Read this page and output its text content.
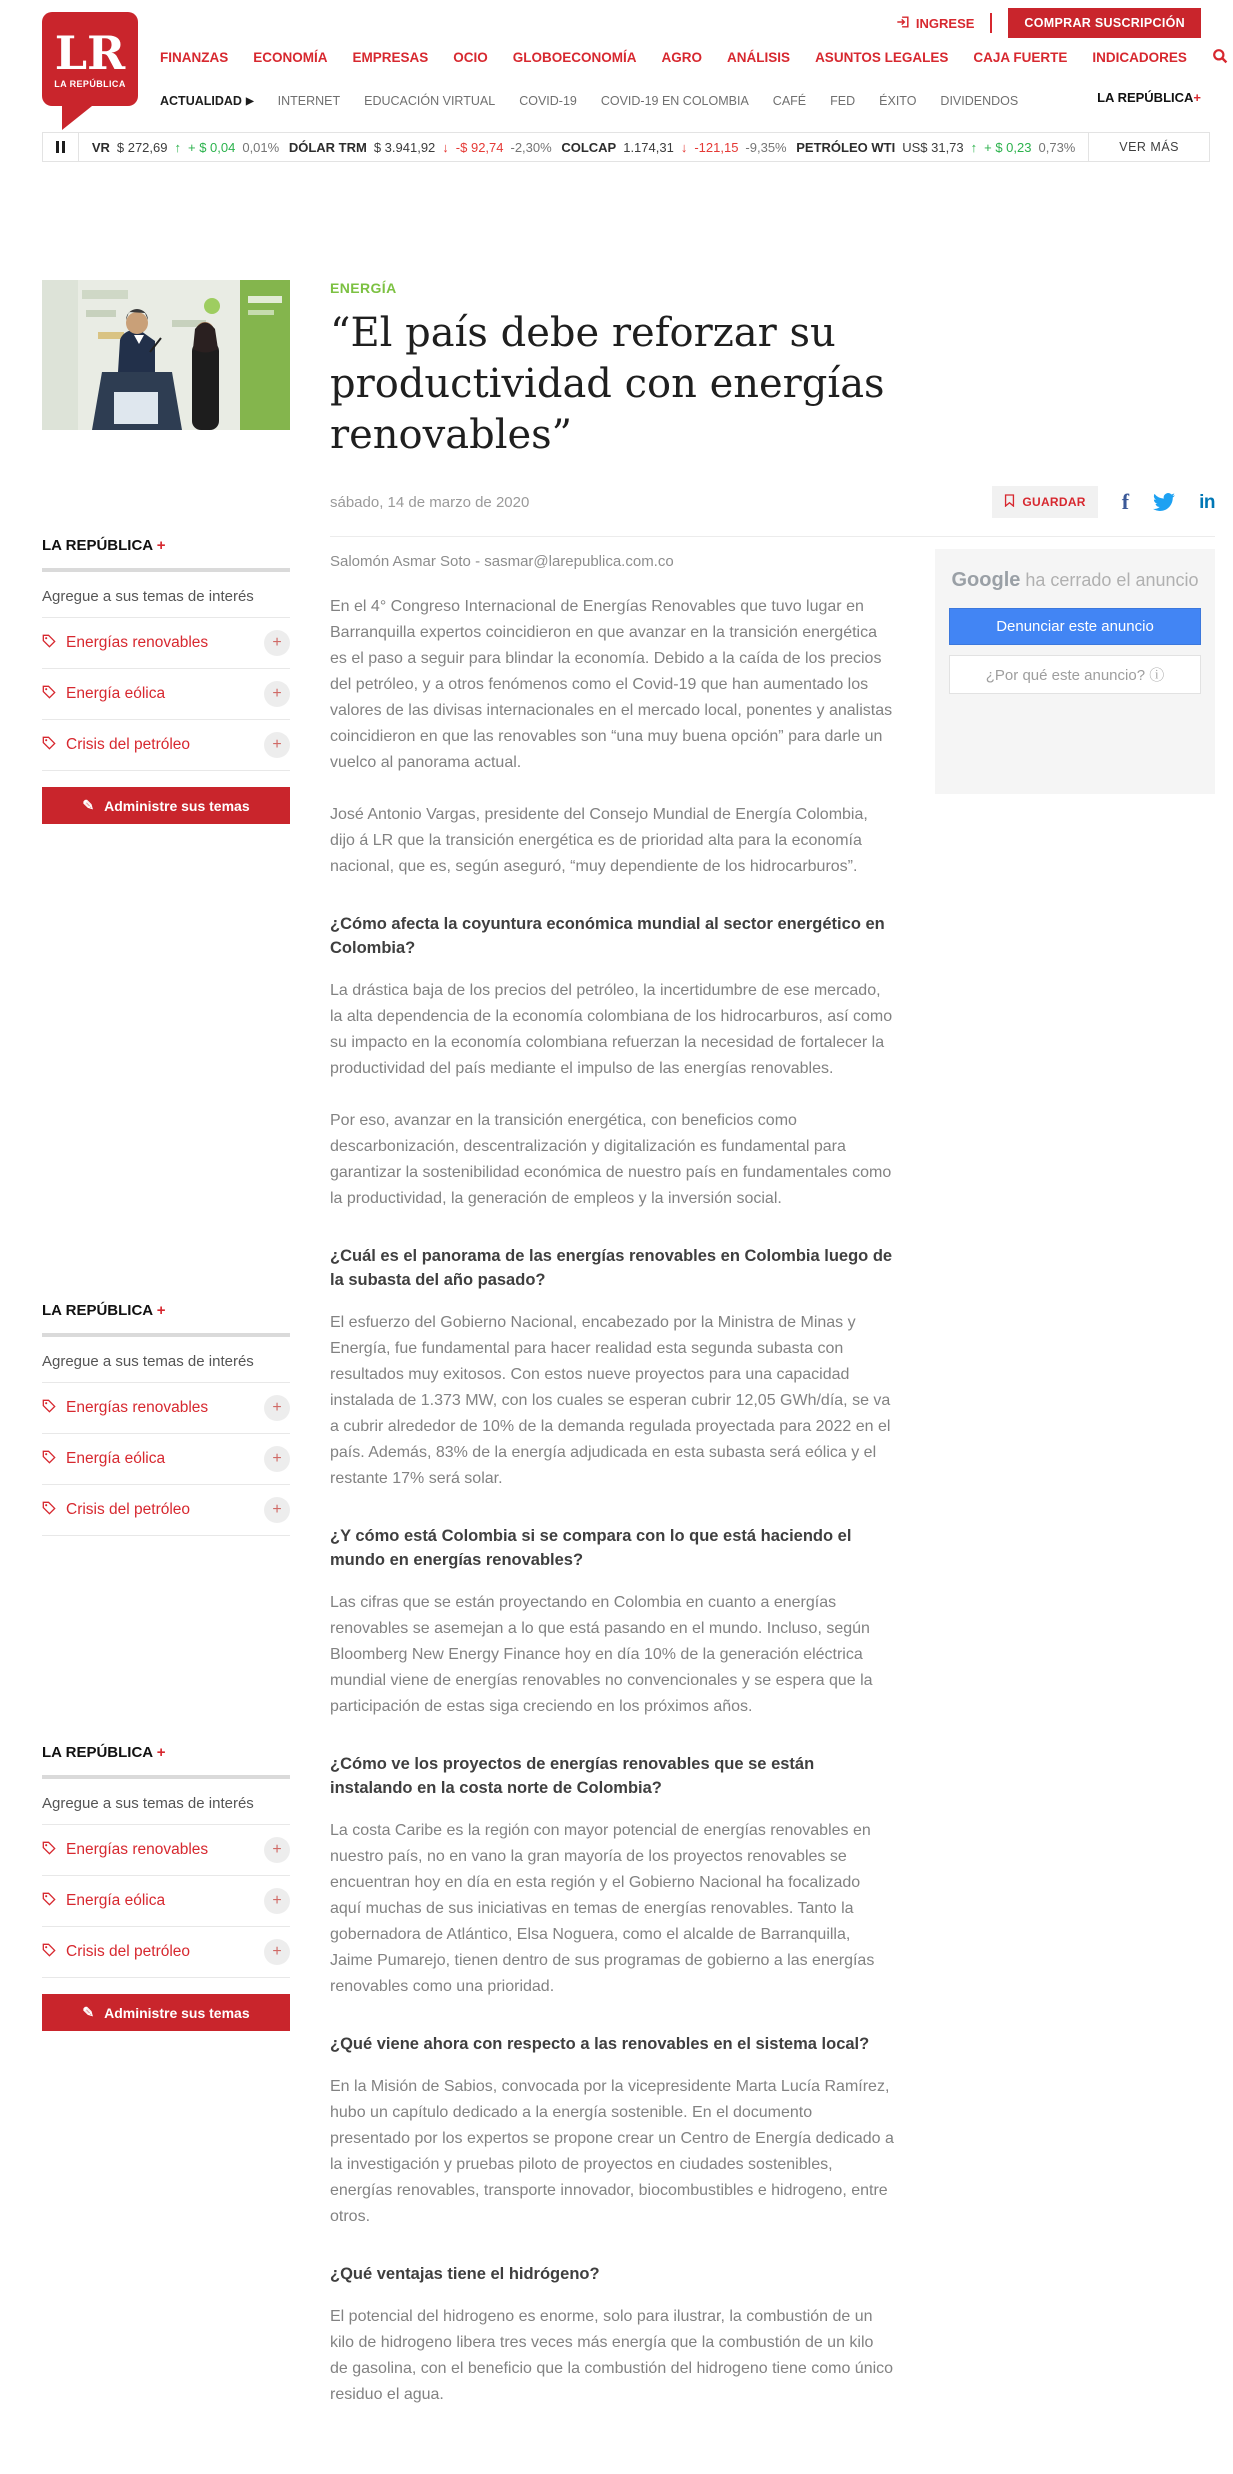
LR
LA REPÚBLICA
INGRESE	COMPRAR SUSCRIPCIÓN
FINANZAS ECONOMÍA EMPRESAS OCIO GLOBOECONOMÍA AGRO ANÁLISIS ASUNTOS LEGALES CAJA FUERTE INDICADORES
ACTUALIDAD ▶ INTERNET EDUCACIÓN VIRTUAL COVID-19 COVID-19 EN COLOMBIA CAFÉ FED ÉXITO DIVIDENDOS	LA REPÚBLICA+
VR $ 272,69 ↑ + $ 0,04 0,01% DÓLAR TRM $ 3.941,92 ↓ -$ 92,74 -2,30% COLCAP 1.174,31 ↓ -121,15 -9,35% PETRÓLEO WTI US$ 31,73 ↑ + $ 0,23 0,73%	VER MÁS
ENERGÍA
“El país debe reforzar su productividad con energías renovables”
sábado, 14 de marzo de 2020	GUARDAR f	in
LA REPÚBLICA +
Agregue a sus temas de interés
Energías renovables	+
Energía eólica	+
Crisis del petróleo	+
✎ Administre sus temas
LA REPÚBLICA +
Agregue a sus temas de interés
Energías renovables	+
Energía eólica	+
Crisis del petróleo	+
LA REPÚBLICA +
Agregue a sus temas de interés
Energías renovables	+
Energía eólica	+
Crisis del petróleo	+
✎ Administre sus temas
Salomón Asmar Soto - sasmar@larepublica.com.co

En el 4° Congreso Internacional de Energías Renovables que tuvo lugar en Barranquilla expertos coincidieron en que avanzar en la transición energética es el paso a seguir para blindar la economía. Debido a la caída de los precios del petróleo, y a otros fenómenos como el Covid-19 que han aumentado los valores de las divisas internacionales en el mercado local, ponentes y analistas coincidieron en que las renovables son “una muy buena opción” para darle un vuelco al panorama actual.

José Antonio Vargas, presidente del Consejo Mundial de Energía Colombia, dijo á LR que la transición energética es de prioridad alta para la economía nacional, que es, según aseguró, “muy dependiente de los hidrocarburos”.

¿Cómo afecta la coyuntura económica mundial al sector energético en Colombia?

La drástica baja de los precios del petróleo, la incertidumbre de ese mercado, la alta dependencia de la economía colombiana de los hidrocarburos, así como su impacto en la economía colombiana refuerzan la necesidad de fortalecer la productividad del país mediante el impulso de las energías renovables.

Por eso, avanzar en la transición energética, con beneficios como descarbonización, descentralización y digitalización es fundamental para garantizar la sostenibilidad económica de nuestro país en fundamentales como la productividad, la generación de empleos y la inversión social.

¿Cuál es el panorama de las energías renovables en Colombia luego de la subasta del año pasado?

El esfuerzo del Gobierno Nacional, encabezado por la Ministra de Minas y Energía, fue fundamental para hacer realidad esta segunda subasta con resultados muy exitosos. Con estos nueve proyectos para una capacidad instalada de 1.373 MW, con los cuales se esperan cubrir 12,05 GWh/día, se va a cubrir alrededor de 10% de la demanda regulada proyectada para 2022 en el país. Además, 83% de la energía adjudicada en esta subasta será eólica y el restante 17% será solar.

¿Y cómo está Colombia si se compara con lo que está haciendo el mundo en energías renovables?

Las cifras que se están proyectando en Colombia en cuanto a energías renovables se asemejan a lo que está pasando en el mundo. Incluso, según Bloomberg New Energy Finance hoy en día 10% de la generación eléctrica mundial viene de energías renovables no convencionales y se espera que la participación de estas siga creciendo en los próximos años.

¿Cómo ve los proyectos de energías renovables que se están instalando en la costa norte de Colombia?

La costa Caribe es la región con mayor potencial de energías renovables en nuestro país, no en vano la gran mayoría de los proyectos renovables se encuentran hoy en día en esta región y el Gobierno Nacional ha focalizado aquí muchas de sus iniciativas en temas de energías renovables. Tanto la gobernadora de Atlántico, Elsa Noguera, como el alcalde de Barranquilla, Jaime Pumarejo, tienen dentro de sus programas de gobierno a las energías renovables como una prioridad.

¿Qué viene ahora con respecto a las renovables en el sistema local?

En la Misión de Sabios, convocada por la vicepresidente Marta Lucía Ramírez, hubo un capítulo dedicado a la energía sostenible. En el documento presentado por los expertos se propone crear un Centro de Energía dedicado a la investigación y pruebas piloto de proyectos en ciudades sostenibles, energías renovables, transporte innovador, biocombustibles e hidrogeno, entre otros.

¿Qué ventajas tiene el hidrógeno?

El potencial del hidrogeno es enorme, solo para ilustrar, la combustión de un kilo de hidrogeno libera tres veces más energía que la combustión de un kilo de gasolina, con el beneficio que la combustión del hidrogeno tiene como único residuo el agua.

Google ha cerrado el anuncio
Denunciar este anuncio
¿Por qué este anuncio? ⓘ
